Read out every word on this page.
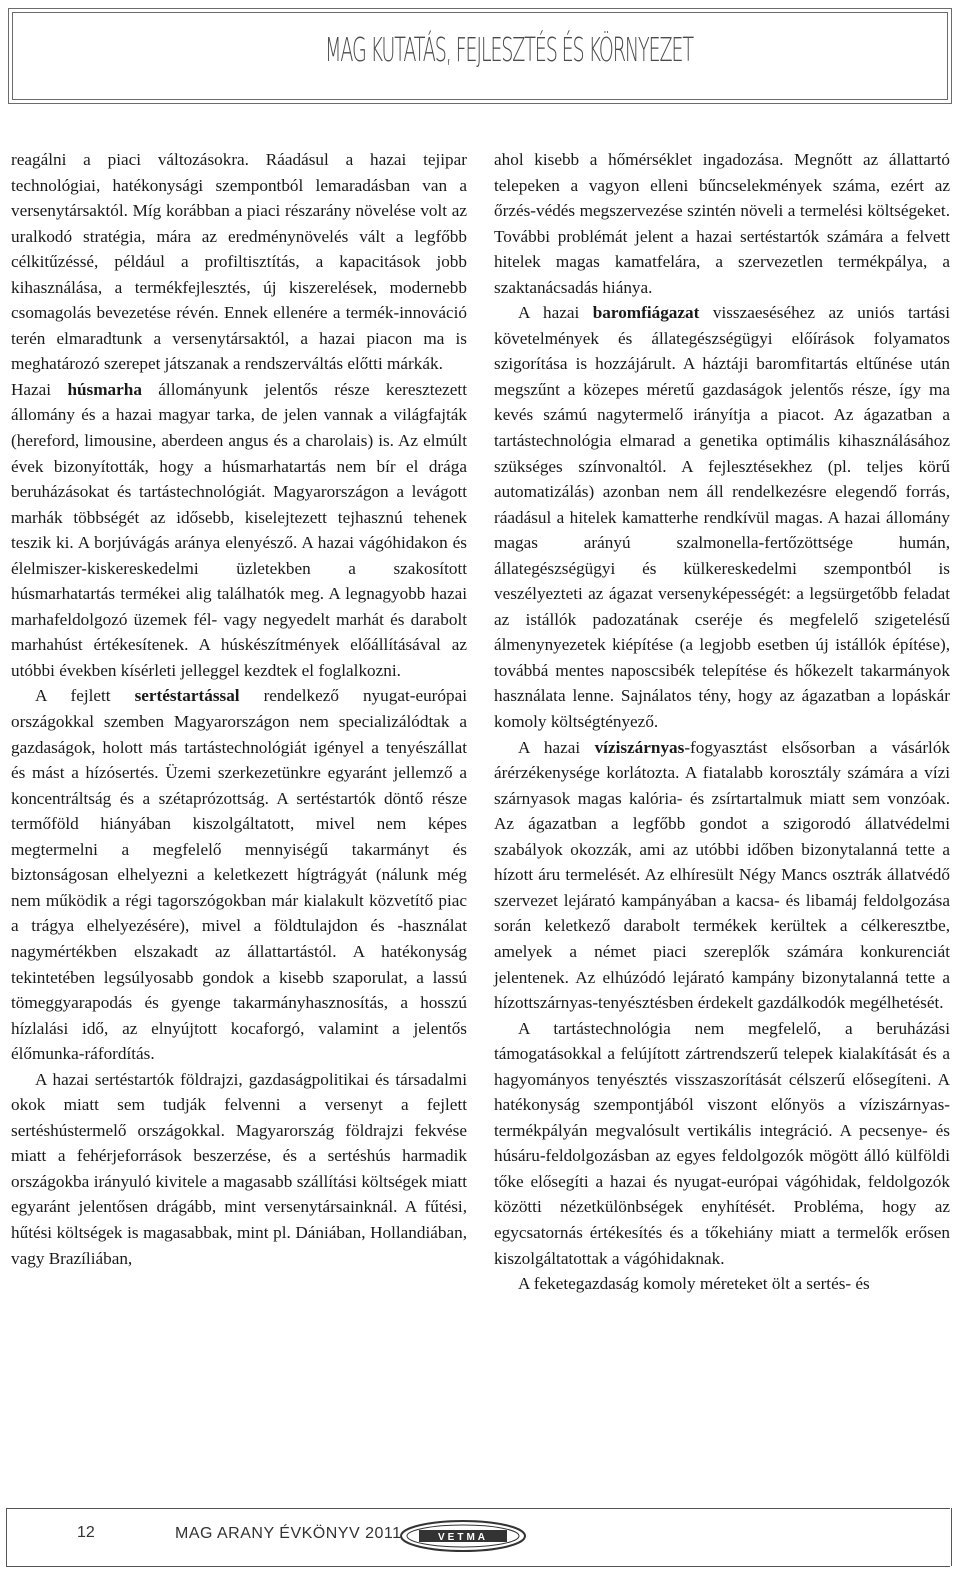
MAG KUTATÁS, FEJLESZTÉS ÉS KÖRNYEZET

reagálni a piaci változásokra. Ráadásul a hazai tejipar technológiai, hatékonysági szempontból lemaradásban van a versenytársaktól. Míg korábban a piaci részarány növelése volt az uralkodó stratégia, mára az eredménynövelés vált a legfőbb célkitűzéssé, például a profiltisztítás, a kapacitások jobb kihasználása, a termékfejlesztés, új kiszerelések, modernebb csomagolás bevezetése révén. Ennek ellenére a termék-innováció terén elmaradtunk a versenytársaktól, a hazai piacon ma is meghatározó szerepet játszanak a rendszerváltás előtti márkák.

Hazai húsmarha állományunk jelentős része keresztezett állomány és a hazai magyar tarka, de jelen vannak a világfajták (hereford, limousine, aberdeen angus és a charolais) is. Az elmúlt évek bizonyították, hogy a húsmarhatartás nem bír el drága beruházásokat és tartástechnológiát. Magyarországon a levágott marhák többségét az idősebb, kiselejtezett tejhasznú tehenek teszik ki. A borjúvágás aránya elenyésző. A hazai vágóhidakon és élelmiszer-kiskereskedelmi üzletekben a szakosított húsmarhatartás termékei alig találhatók meg. A legnagyobb hazai marhafeldolgozó üzemek fél- vagy negyedelt marhát és darabolt marhahúst értékesítenek. A húskészítmények előállításával az utóbbi években kísérleti jelleggel kezdtek el foglalkozni.

A fejlett sertéstartással rendelkező nyugat-európai országokkal szemben Magyarországon nem specializálódtak a gazdaságok, holott más tartástechnológiát igényel a tenyészállat és mást a hízósertés. Üzemi szerkezetünkre egyaránt jellemző a koncentráltság és a szétaprózottság. A sertéstartók döntő része termőföld hiányában kiszolgáltatott, mivel nem képes megtermelni a megfelelő mennyiségű takarmányt és biztonságosan elhelyezni a keletkezett hígtrágyát (nálunk még nem működik a régi tagorszógokban már kialakult közvetítő piac a trágya elhelyezésére), mivel a földtulajdon és -használat nagymértékben elszakadt az állattartástól. A hatékonyság tekintetében legsúlyosabb gondok a kisebb szaporulat, a lassú tömeggyarapodás és gyenge takarmányhasznosítás, a hosszú hízlalási idő, az elnyújtott kocaforgó, valamint a jelentős élőmunka-ráfordítás.

A hazai sertéstartók földrajzi, gazdaságpolitikai és társadalmi okok miatt sem tudják felvenni a versenyt a fejlett sertéshústermelő országokkal. Magyarország földrajzi fekvése miatt a fehérjeforrások beszerzése, és a sertéshús harmadik országokba irányuló kivitele a magasabb szállítási költségek miatt egyaránt jelentősen drágább, mint versenytársainknál. A fűtési, hűtési költségek is magasabbak, mint pl. Dániában, Hollandiában, vagy Brazíliában,

ahol kisebb a hőmérséklet ingadozása. Megnőtt az állattartó telepeken a vagyon elleni bűncselekmények száma, ezért az őrzés-védés megszervezése szintén növeli a termelési költségeket. További problémát jelent a hazai sertéstartók számára a felvett hitelek magas kamatfelára, a szervezetlen termékpálya, a szaktanácsadás hiánya.

A hazai baromfiágazat visszaeséséhez az uniós tartási követelmények és állategészségügyi előírások folyamatos szigorítása is hozzájárult. A háztáji baromfitartás eltűnése után megszűnt a közepes méretű gazdaságok jelentős része, így ma kevés számú nagytermelő irányítja a piacot. Az ágazatban a tartástechnológia elmarad a genetika optimális kihasználásához szükséges színvonaltól. A fejlesztésekhez (pl. teljes körű automatizálás) azonban nem áll rendelkezésre elegendő forrás, ráadásul a hitelek kamatterhe rendkívül magas. A hazai állomány magas arányú szalmonella-fertőzöttsége humán, állategészségügyi és külkereskedelmi szempontból is veszélyezteti az ágazat versenyképességét: a legsürgetőbb feladat az istállók padozatának cseréje és megfelelő szigetelésű álmenynyezetek kiépítése (a legjobb esetben új istállók építése), továbbá mentes naposcsibék telepítése és hőkezelt takarmányok használata lenne. Sajnálatos tény, hogy az ágazatban a lopáskár komoly költségtényező.

A hazai víziszárnyas-fogyasztást elsősorban a vásárlók árérzékenysége korlátozta. A fiatalabb korosztály számára a vízi szárnyasok magas kalória- és zsírtartalmuk miatt sem vonzóak. Az ágazatban a legfőbb gondot a szigorodó állatvédelmi szabályok okozzák, ami az utóbbi időben bizonytalanná tette a hízott áru termelését. Az elhíresült Négy Mancs osztrák állatvédő szervezet lejárató kampányában a kacsa- és libamáj feldolgozása során keletkező darabolt termékek kerültek a célkeresztbe, amelyek a német piaci szereplők számára konkurenciát jelentenek. Az elhúzódó lejárató kampány bizonytalanná tette a hízottszárnyas-tenyésztésben érdekelt gazdálkodók megélhetését.

A tartástechnológia nem megfelelő, a beruházási támogatásokkal a felújított zártrendszerű telepek kialakítását és a hagyományos tenyésztés visszaszorítását célszerű elősegíteni. A hatékonyság szempontjából viszont előnyös a víziszárnyas-termékpályán megvalósult vertikális integráció. A pecsenye- és húsáru-feldolgozásban az egyes feldolgozók mögött álló külföldi tőke elősegíti a hazai és nyugat-európai vágóhidak, feldolgozók közötti nézetkülönbségek enyhítését. Probléma, hogy az egycsatornás értékesítés és a tőkehiány miatt a termelők erősen kiszolgáltatottak a vágóhidaknak.

A feketegazdaság komoly méreteket ölt a sertés- és

12	MAG ARANY ÉVKÖNYV 2011	VETMA
